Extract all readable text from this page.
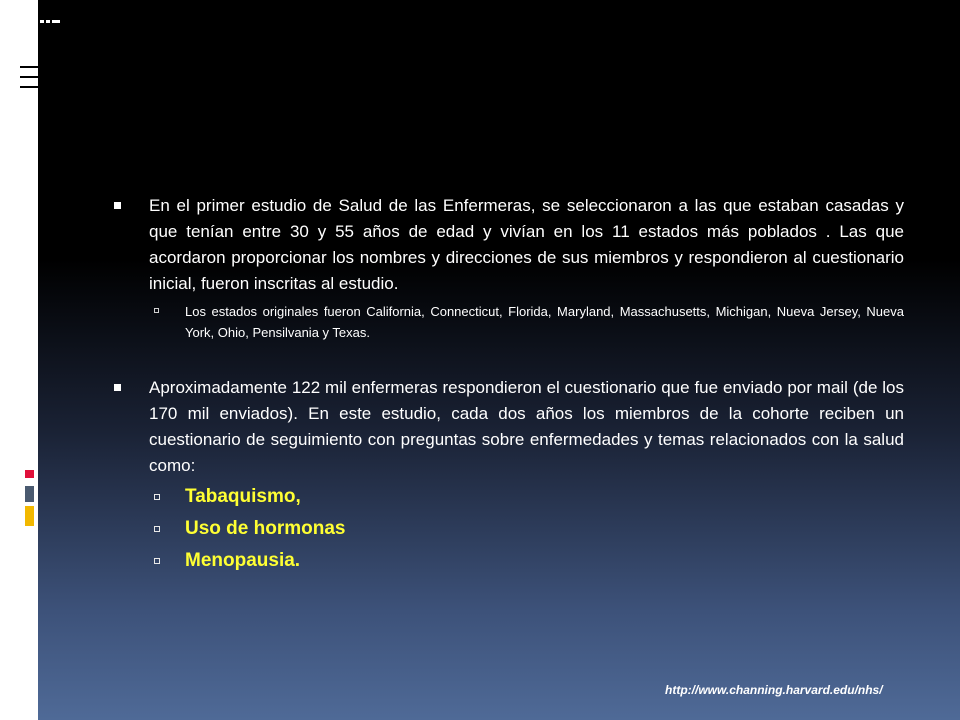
En el primer estudio de Salud de las Enfermeras, se seleccionaron a las que estaban casadas y que tenían entre 30 y 55 años de edad y vivían en los 11 estados más poblados . Las que acordaron proporcionar los nombres y direcciones de sus miembros y respondieron al cuestionario inicial, fueron inscritas al estudio.
Los estados originales fueron California, Connecticut, Florida, Maryland, Massachusetts, Michigan, Nueva Jersey, Nueva York, Ohio, Pensilvania y Texas.
Aproximadamente 122 mil enfermeras respondieron el cuestionario que fue enviado por mail (de los 170 mil enviados). En este estudio, cada dos años los miembros de la cohorte reciben un cuestionario de seguimiento con preguntas sobre enfermedades y temas relacionados con la salud como:
Tabaquismo,
Uso de hormonas
Menopausia.
http://www.channing.harvard.edu/nhs/
